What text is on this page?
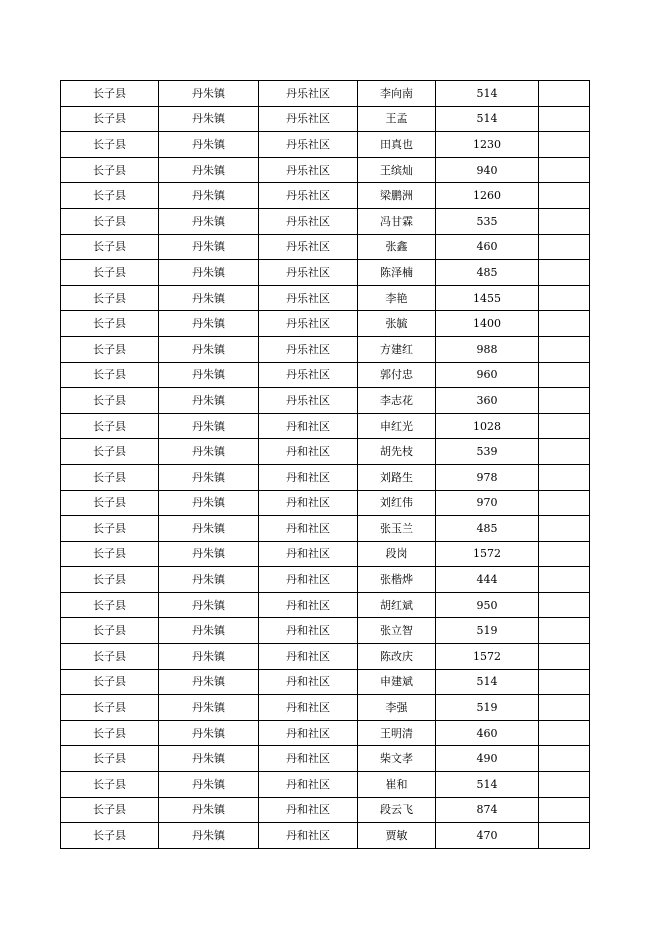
长子县	丹朱镇	丹乐社区	李向南	514	
长子县	丹朱镇	丹乐社区	王孟	514	
长子县	丹朱镇	丹乐社区	田真也	1230	
长子县	丹朱镇	丹乐社区	王缤灿	940	
长子县	丹朱镇	丹乐社区	梁鹏洲	1260	
长子县	丹朱镇	丹乐社区	冯甘霖	535	
长子县	丹朱镇	丹乐社区	张鑫	460	
长子县	丹朱镇	丹乐社区	陈泽楠	485	
长子县	丹朱镇	丹乐社区	李艳	1455	
长子县	丹朱镇	丹乐社区	张毓	1400	
长子县	丹朱镇	丹乐社区	方建红	988	
长子县	丹朱镇	丹乐社区	郭付忠	960	
长子县	丹朱镇	丹乐社区	李志花	360	
长子县	丹朱镇	丹和社区	申红光	1028	
长子县	丹朱镇	丹和社区	胡先枝	539	
长子县	丹朱镇	丹和社区	刘路生	978	
长子县	丹朱镇	丹和社区	刘红伟	970	
长子县	丹朱镇	丹和社区	张玉兰	485	
长子县	丹朱镇	丹和社区	段岗	1572	
长子县	丹朱镇	丹和社区	张楷烨	444	
长子县	丹朱镇	丹和社区	胡红斌	950	
长子县	丹朱镇	丹和社区	张立智	519	
长子县	丹朱镇	丹和社区	陈改庆	1572	
长子县	丹朱镇	丹和社区	申建斌	514	
长子县	丹朱镇	丹和社区	李强	519	
长子县	丹朱镇	丹和社区	王明清	460	
长子县	丹朱镇	丹和社区	柴文孝	490	
长子县	丹朱镇	丹和社区	崔和	514	
长子县	丹朱镇	丹和社区	段云飞	874	
长子县	丹朱镇	丹和社区	贾敏	470	
